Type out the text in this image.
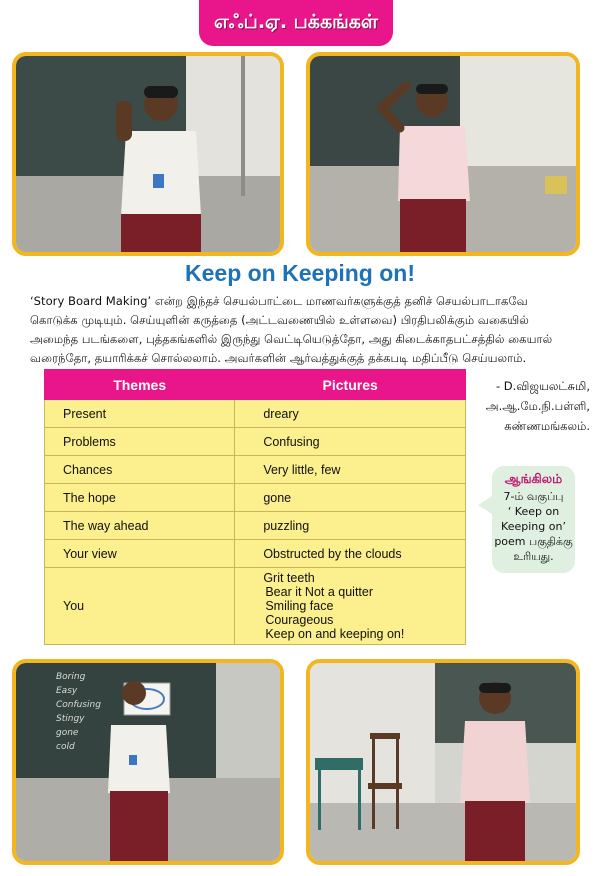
எஃப்.ஏ. பக்கங்கள்
Keep on Keeping on!
‘Story Board Making’ என்ற இந்தச் செயல்பாட்டை மாணவர்களுக்குத் தனிச் செயல்பாடாகவே
கொடுக்க முடியும். செய்யுளின் கருத்தை (அட்டவணையில் உள்ளவை) பிரதிபலிக்கும் வகையில்
அமைந்த படங்களை, புத்தகங்களில் இருந்து வெட்டியெடுத்தோ, அது கிடைக்காதபட்சத்தில் கையால்
வரைந்தோ, தயாரிக்கச் சொல்லலாம். அவர்களின் ஆர்வத்துக்குத் தக்கபடி மதிப்பீடு செய்யலாம்.
Themes	Pictures
Present	dreary
Problems	Confusing
Chances	Very little, few
The hope	gone
The way ahead	puzzling
Your view	Obstructed by the clouds
You	Grit teeth
Bear it Not a quitter
Smiling face
Courageous
Keep on and keeping on!
- D.விஜயலட்சுமி,
அ.ஆ.மே.நி.பள்ளி,
கண்ணமங்கலம்.
ஆங்கிலம்
7-ம் வகுப்பு
‘ Keep on
Keeping on’
poem பகுதிக்கு
உரியது.
Boring
Easy
Confusing
Stingy
gone
cold
